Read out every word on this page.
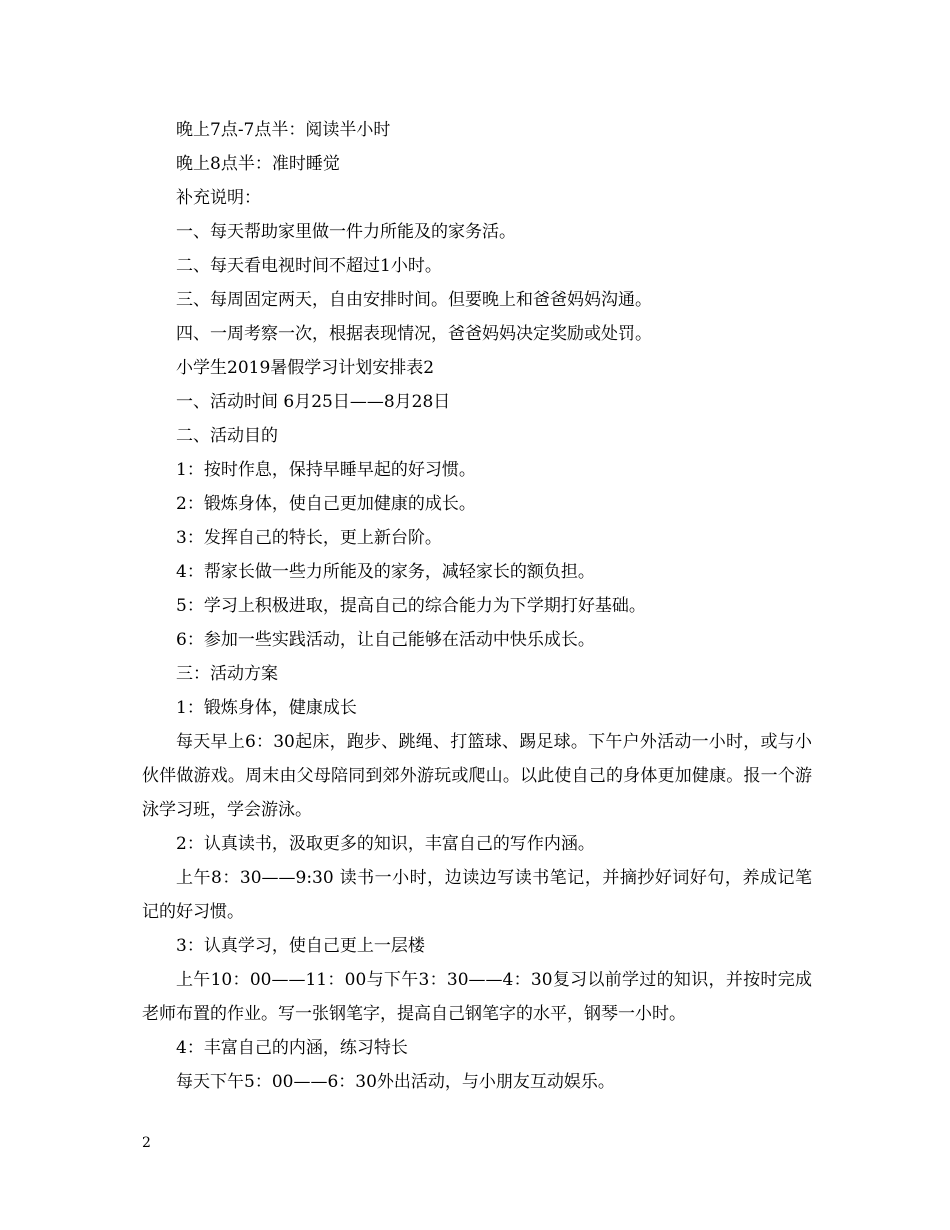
晚上7点-7点半：阅读半小时

晚上8点半：准时睡觉

补充说明：

一、每天帮助家里做一件力所能及的家务活。

二、每天看电视时间不超过1小时。

三、每周固定两天，自由安排时间。但要晚上和爸爸妈妈沟通。

四、一周考察一次，根据表现情况，爸爸妈妈决定奖励或处罚。

小学生2019暑假学习计划安排表2

一、活动时间 6月25日——8月28日

二、活动目的

1：按时作息，保持早睡早起的好习惯。

2：锻炼身体，使自己更加健康的成长。

3：发挥自己的特长，更上新台阶。

4：帮家长做一些力所能及的家务，减轻家长的额负担。

5：学习上积极进取，提高自己的综合能力为下学期打好基础。

6：参加一些实践活动，让自己能够在活动中快乐成长。

三：活动方案

1：锻炼身体，健康成长

每天早上6：30起床，跑步、跳绳、打篮球、踢足球。下午户外活动一小时，或与小伙伴做游戏。周末由父母陪同到郊外游玩或爬山。以此使自己的身体更加健康。报一个游泳学习班，学会游泳。

2：认真读书，汲取更多的知识，丰富自己的写作内涵。

上午8：30——9:30 读书一小时，边读边写读书笔记，并摘抄好词好句，养成记笔记的好习惯。

3：认真学习，使自己更上一层楼

上午10：00——11：00与下午3：30——4：30复习以前学过的知识，并按时完成老师布置的作业。写一张钢笔字，提高自己钢笔字的水平，钢琴一小时。

4：丰富自己的内涵，练习特长

每天下午5：00——6：30外出活动，与小朋友互动娱乐。

2
